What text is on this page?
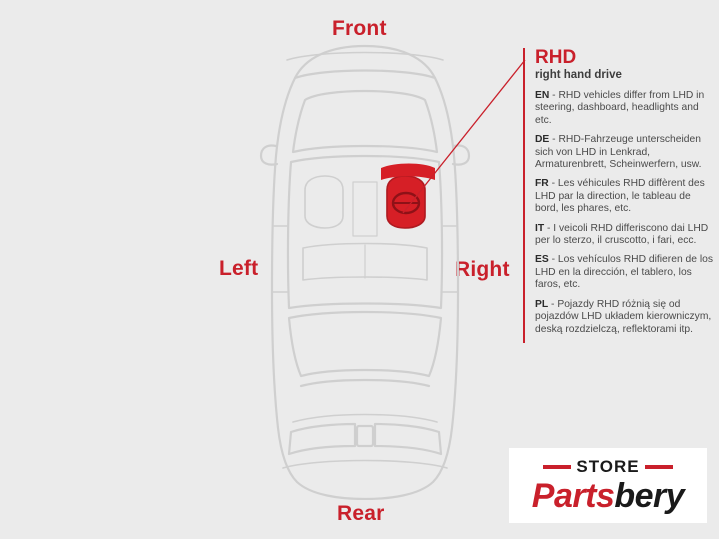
Front
Rear
Left	Right
RHD
right hand drive

EN - RHD vehicles differ from LHD in steering, dashboard, headlights and etc.

DE - RHD-Fahrzeuge unterscheiden sich von LHD in Lenkrad, Armaturenbrett, Scheinwerfern, usw.

FR - Les véhicules RHD diffèrent des LHD par la direction, le tableau de bord, les phares, etc.

IT - I veicoli RHD differiscono dai LHD per lo sterzo, il cruscotto, i fari, ecc.

ES - Los vehículos RHD difieren de los LHD en la dirección, el tablero, los faros, etc.

PL - Pojazdy RHD różnią się od pojazdów LHD układem kierowniczym, deską rozdzielczą, reflektorami itp.

STORE
Partsbery
